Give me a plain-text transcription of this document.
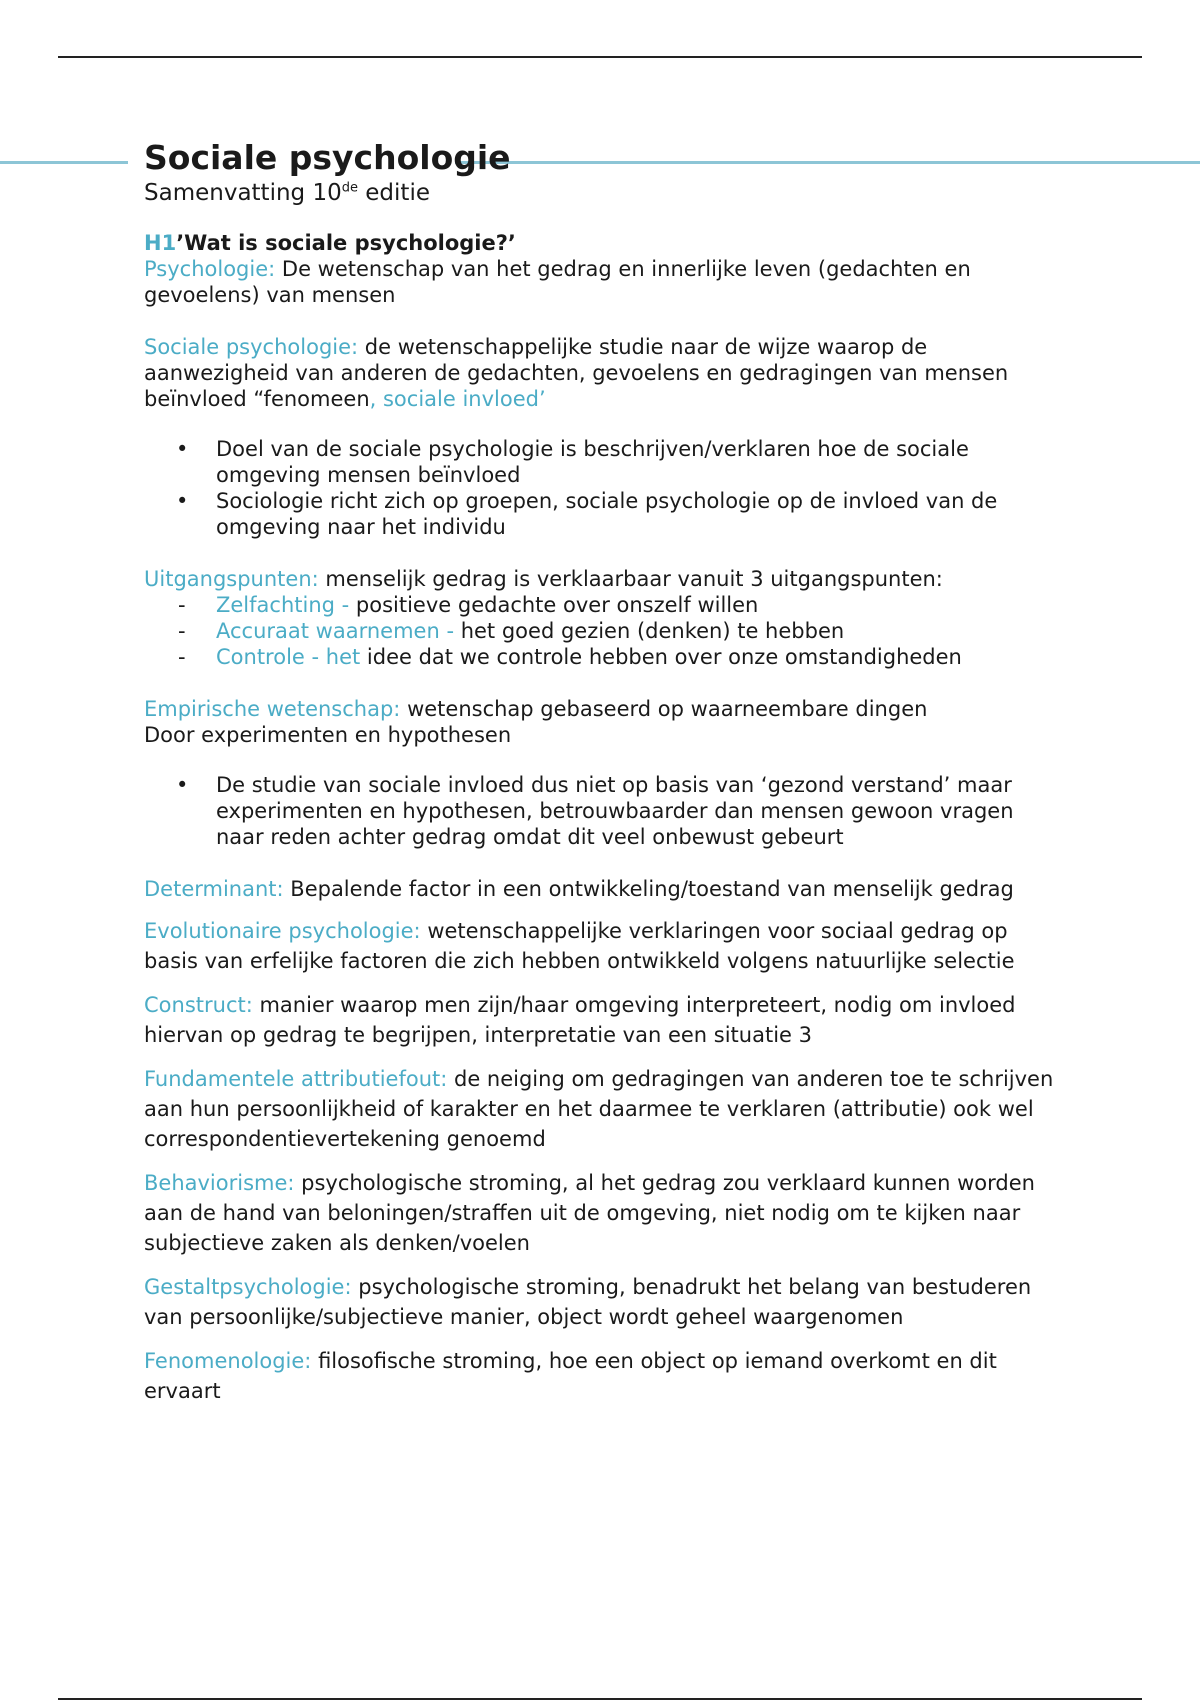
Sociale psychologie

Samenvatting 10de editie

H1’Wat is sociale psychologie?’

Psychologie: De wetenschap van het gedrag en innerlijke leven (gedachten en gevoelens) van mensen

Sociale psychologie: de wetenschappelijke studie naar de wijze waarop de aanwezigheid van anderen de gedachten, gevoelens en gedragingen van mensen beïnvloed “fenomeen, sociale invloed’

• Doel van de sociale psychologie is beschrijven/verklaren hoe de sociale omgeving mensen beïnvloed
• Sociologie richt zich op groepen, sociale psychologie op de invloed van de omgeving naar het individu

Uitgangspunten: menselijk gedrag is verklaarbaar vanuit 3 uitgangspunten:

- Zelfachting - positieve gedachte over onszelf willen
- Accuraat waarnemen - het goed gezien (denken) te hebben
- Controle - het idee dat we controle hebben over onze omstandigheden

Empirische wetenschap: wetenschap gebaseerd op waarneembare dingen

Door experimenten en hypothesen

• De studie van sociale invloed dus niet op basis van ‘gezond verstand’ maar experimenten en hypothesen, betrouwbaarder dan mensen gewoon vragen naar reden achter gedrag omdat dit veel onbewust gebeurt

Determinant: Bepalende factor in een ontwikkeling/toestand van menselijk gedrag

Evolutionaire psychologie: wetenschappelijke verklaringen voor sociaal gedrag op basis van erfelijke factoren die zich hebben ontwikkeld volgens natuurlijke selectie

Construct: manier waarop men zijn/haar omgeving interpreteert, nodig om invloed hiervan op gedrag te begrijpen, interpretatie van een situatie 3

Fundamentele attributiefout: de neiging om gedragingen van anderen toe te schrijven aan hun persoonlijkheid of karakter en het daarmee te verklaren (attributie) ook wel correspondentievertekening genoemd

Behaviorisme: psychologische stroming, al het gedrag zou verklaard kunnen worden aan de hand van beloningen/straffen uit de omgeving, niet nodig om te kijken naar subjectieve zaken als denken/voelen

Gestaltpsychologie: psychologische stroming, benadrukt het belang van bestuderen van persoonlijke/subjectieve manier, object wordt geheel waargenomen

Fenomenologie: filosofische stroming, hoe een object op iemand overkomt en dit ervaart
